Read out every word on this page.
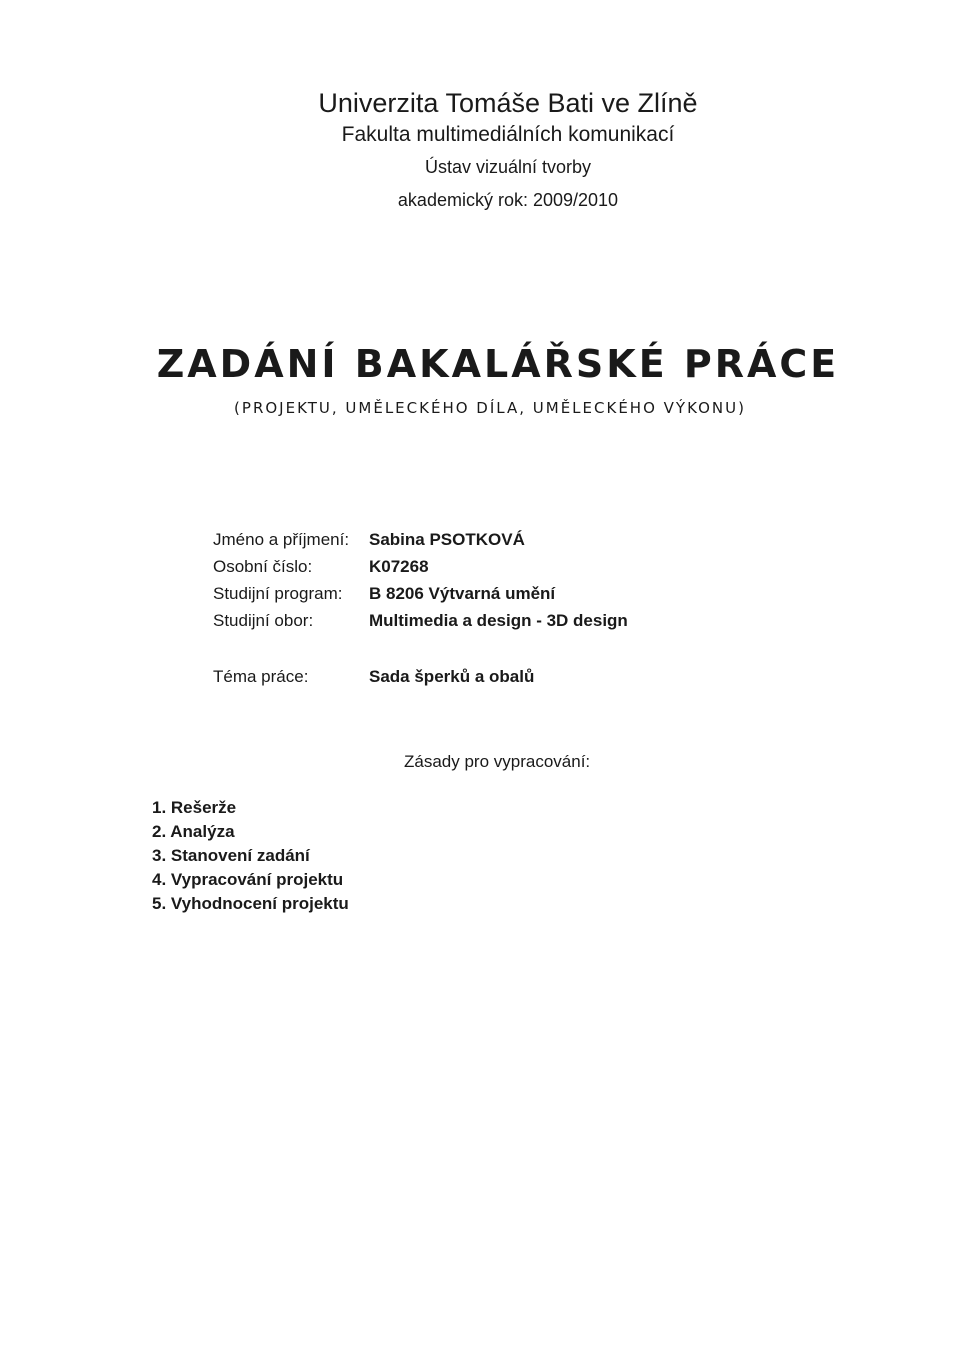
Univerzita Tomáše Bati ve Zlíně
Fakulta multimediálních komunikací
Ústav vizuální tvorby
akademický rok: 2009/2010
ZADÁNÍ BAKALÁŘSKÉ PRÁCE
(PROJEKTU, UMĚLECKÉHO DÍLA, UMĚLECKÉHO VÝKONU)
Jméno a příjmení: Sabina PSOTKOVÁ
Osobní číslo:	K07268
Studijní program: B 8206 Výtvarná umění
Studijní obor:	Multimedia a design - 3D design
Téma práce:	Sada šperků a obalů
Zásady pro vypracování:
1. Rešerže
2. Analýza
3. Stanovení zadání
4. Vypracování projektu
5. Vyhodnocení projektu
